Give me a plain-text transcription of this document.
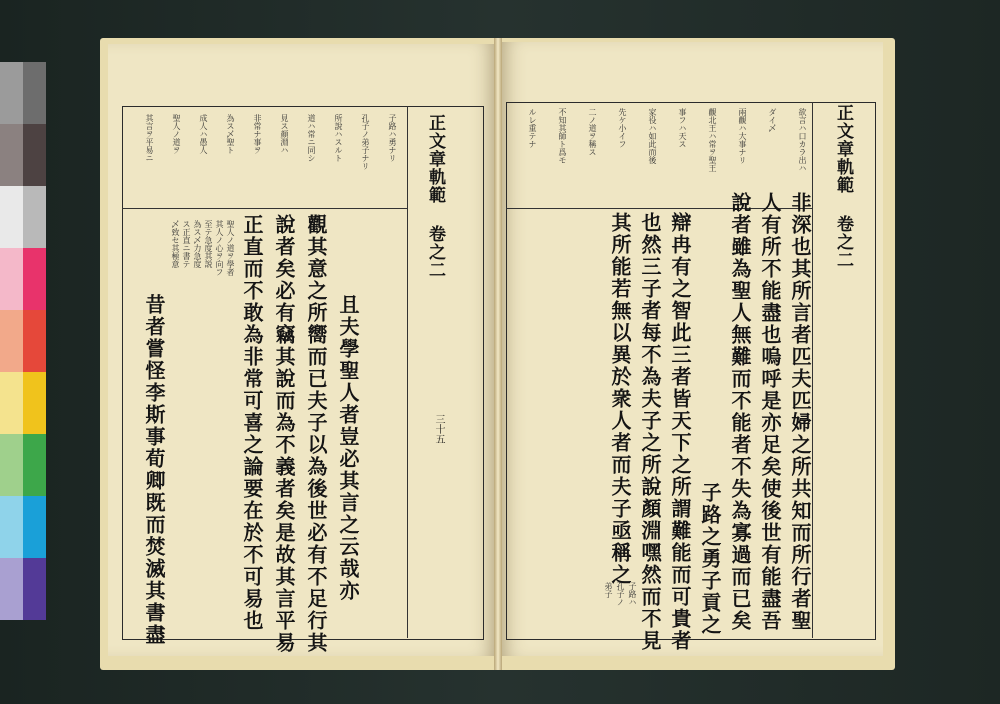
正文章軌範 卷之二
三十五
子路ハ勇ナリ
孔子ノ弟子ナリ
所說ハスルト
道ハ常ニ同シ
見ス顏淵ハ
非常ナ事ヲ
為ス乄聖ト
成人ハ愚人
聖人ノ道ヲ
其言ヲ平易ニ
且夫學聖人者豈必其言之云哉亦
觀其意之所嚮而已夫子以為後世必有不足行其
說者矣必有竊其說而為不義者矣是故其言平易
正直而不敢為非常可喜之論要在於不可易也
昔者嘗怪李斯事荀卿既而焚滅其書盡
聖人ノ道ヲ學者
其人ノ心ヲ向フ
至テ急度其説
為ス乄力急度
ス正直ニ書テ
乄致セ其極意	正文章軌範 卷之二
欲言ハ口カラ出ハ
ダイ乄
兩觀ハ大事ナリ
觀北王ハ常ヲ聖王
事フハ天ス
家役ハ如此而後
先ケ小イフ
二ノ道ヲ稱ス
不知其師ト爲モ
ルレ重テナ
非深也其所言者匹夫匹婦之所共知而所行者聖
人有所不能盡也嗚呼是亦足矣使後世有能盡吾
說者雖為聖人無難而不能者不失為寡過而已矣
辯冉有之智此三者皆天下之所謂難能而可貴者
也然三子者每不為夫子之所說顏淵嘿然而不見
其所能若無以異於衆人者而夫子亟稱之	子路之勇子貢之
子路ハ
孔子ノ
弟子
